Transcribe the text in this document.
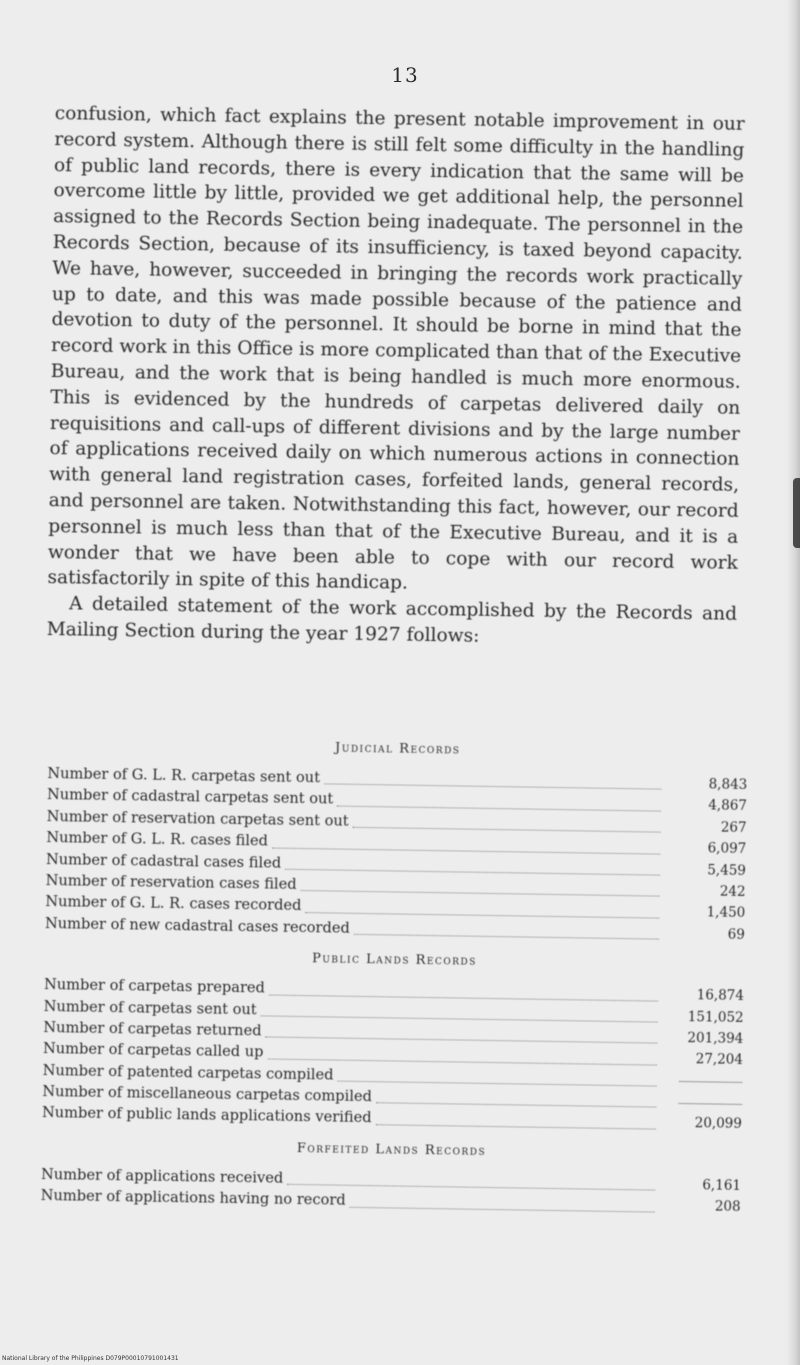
13

confusion, which fact explains the present notable improvement in our record system. Although there is still felt some difficulty in the handling of public land records, there is every indication that the same will be overcome little by little, provided we get additional help, the personnel assigned to the Records Section being inadequate. The personnel in the Records Section, because of its insufficiency, is taxed beyond capacity. We have, however, succeeded in bringing the records work practically up to date, and this was made possible because of the patience and devotion to duty of the personnel. It should be borne in mind that the record work in this Office is more complicated than that of the Executive Bureau, and the work that is being handled is much more enormous. This is evidenced by the hundreds of carpetas delivered daily on requisitions and call-ups of different divisions and by the large number of applications received daily on which numerous actions in connection with general land registration cases, forfeited lands, general records, and personnel are taken. Notwithstanding this fact, however, our record personnel is much less than that of the Executive Bureau, and it is a wonder that we have been able to cope with our record work satisfactorily in spite of this handicap.

A detailed statement of the work accomplished by the Records and Mailing Section during the year 1927 follows:

Judicial Records
Number of G. L. R. carpetas sent out	8,843
Number of cadastral carpetas sent out	4,867
Number of reservation carpetas sent out	267
Number of G. L. R. cases filed	6,097
Number of cadastral cases filed	5,459
Number of reservation cases filed	242
Number of G. L. R. cases recorded	1,450
Number of new cadastral cases recorded	69
Public Lands Records
Number of carpetas prepared	16,874
Number of carpetas sent out	151,052
Number of carpetas returned	201,394
Number of carpetas called up	27,204
Number of patented carpetas compiled
Number of miscellaneous carpetas compiled
Number of public lands applications verified	20,099
Forfeited Lands Records
Number of applications received	6,161
Number of applications having no record	208
National Library of the Philippines D079P00010791001431
